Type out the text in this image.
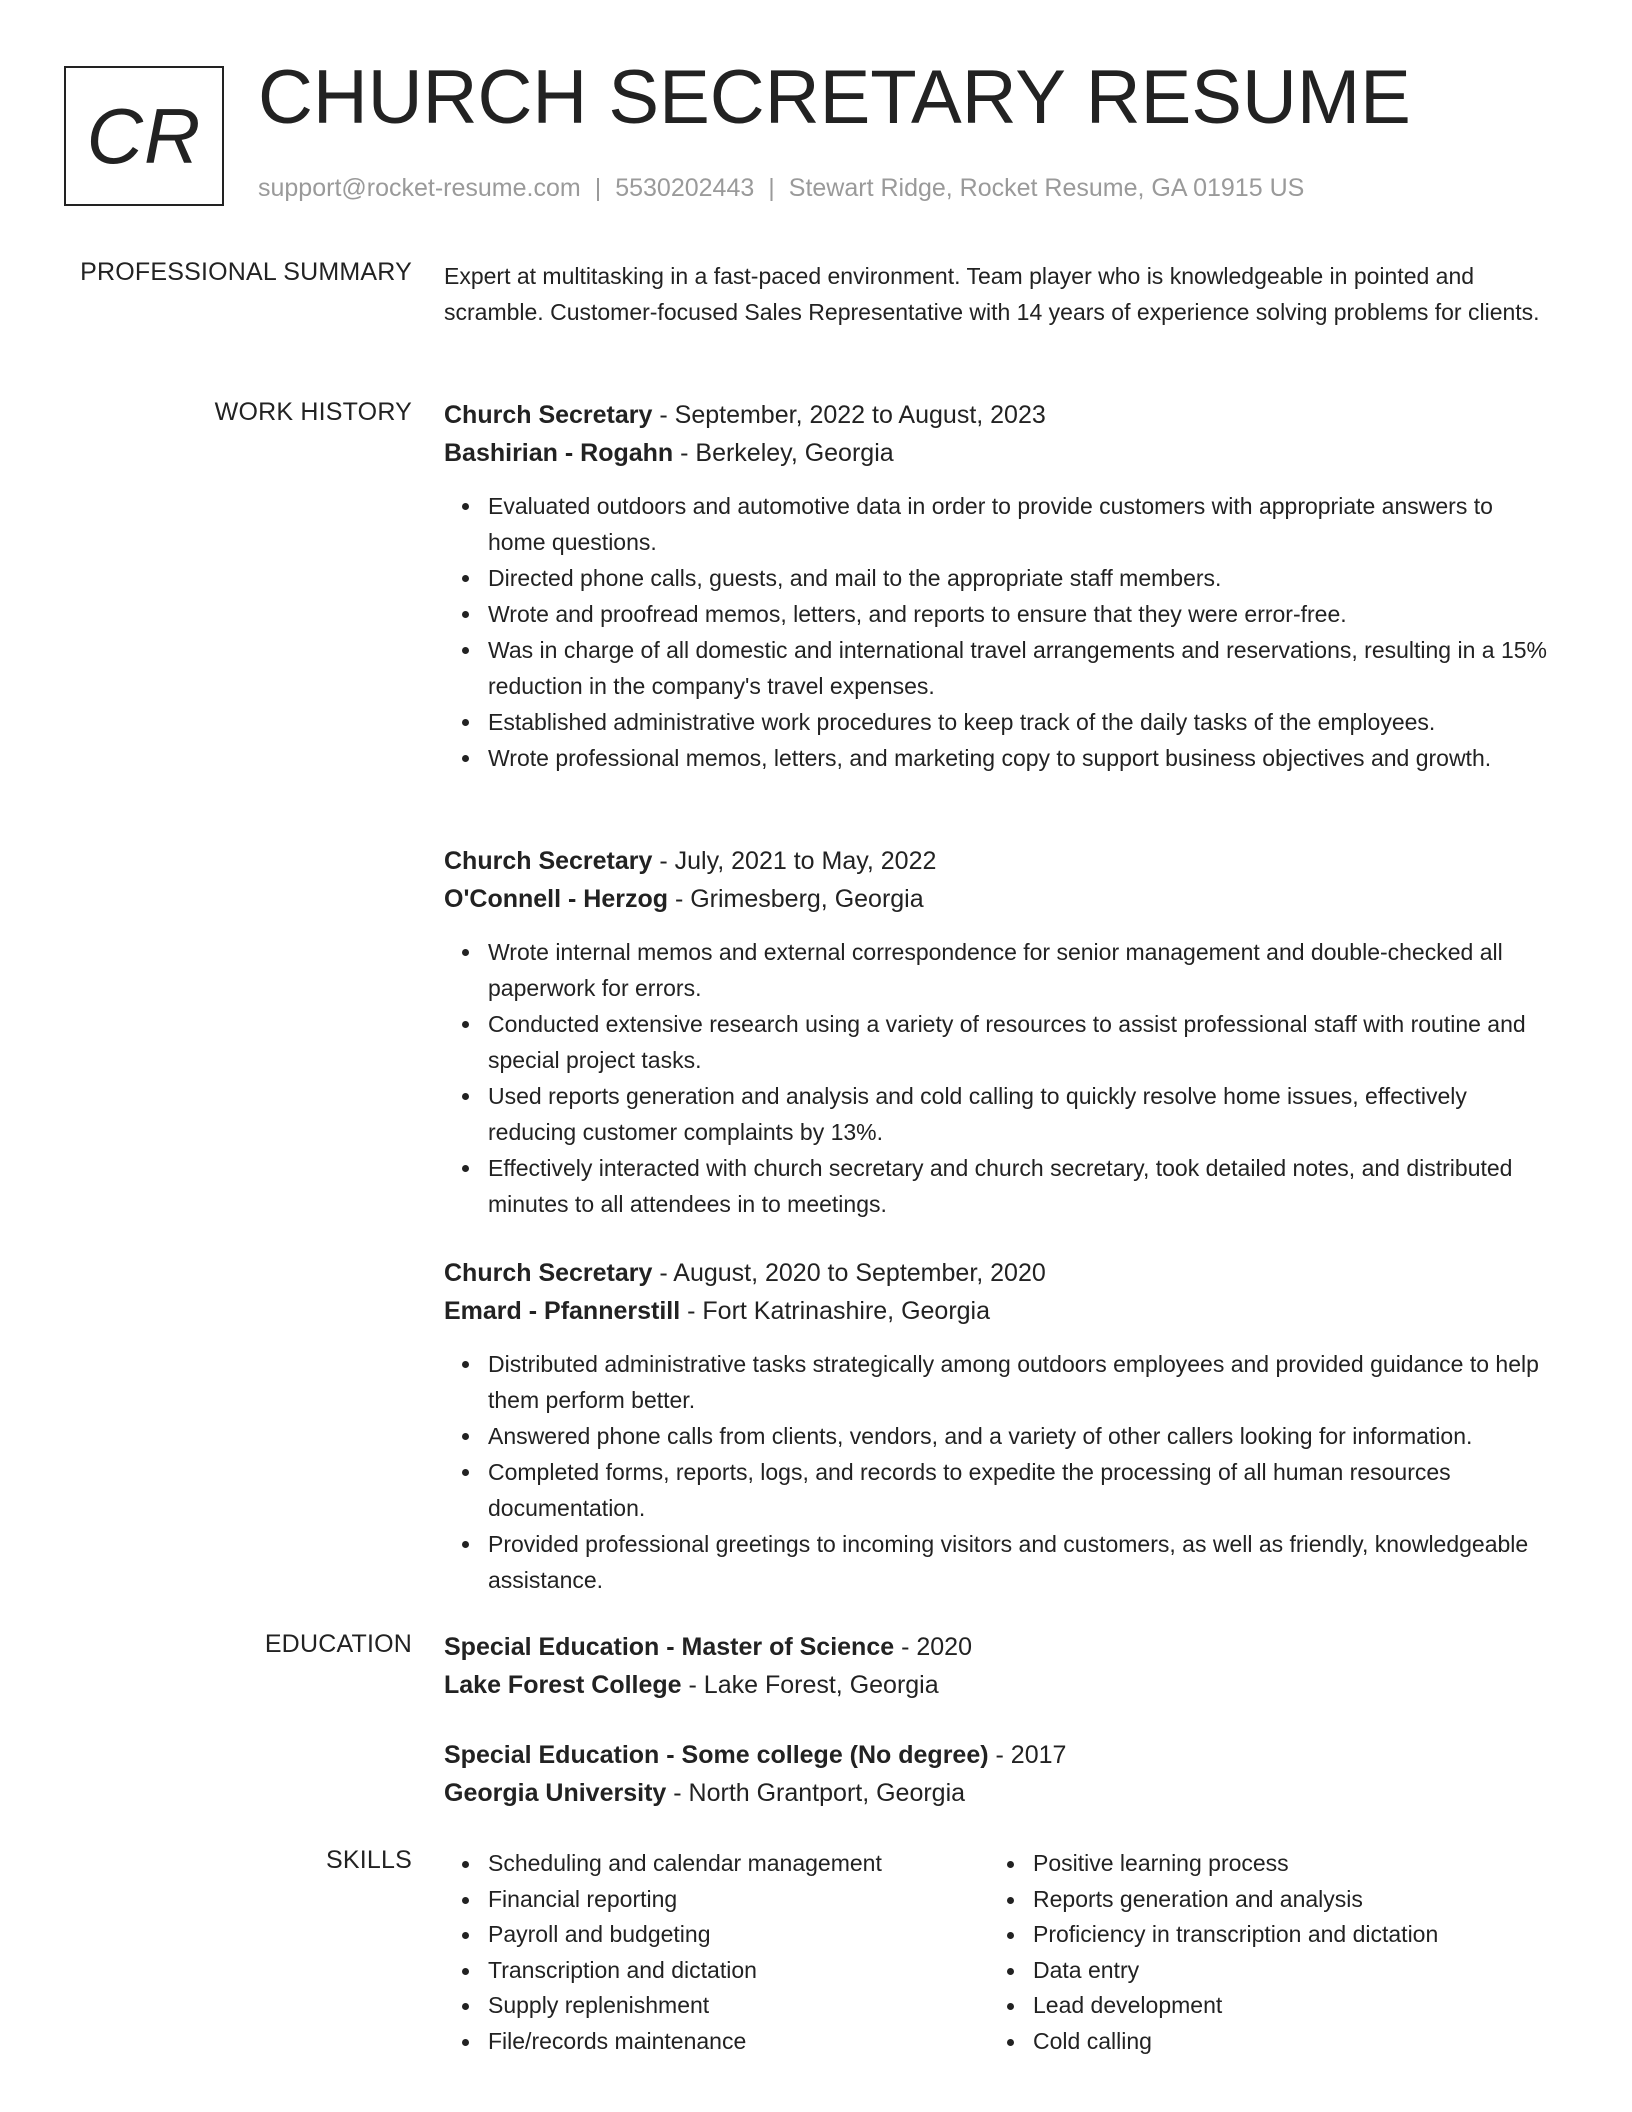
CR CHURCH SECRETARY RESUME
support@rocket-resume.com | 5530202443 | Stewart Ridge, Rocket Resume, GA 01915 US
PROFESSIONAL SUMMARY Expert at multitasking in a fast-paced environment. Team player who is knowledgeable in pointed and scramble. Customer-focused Sales Representative with 14 years of experience solving problems for clients.

WORK HISTORY Church Secretary - September, 2022 to August, 2023
Bashirian - Rogahn - Berkeley, Georgia
Evaluated outdoors and automotive data in order to provide customers with appropriate answers to home questions.
Directed phone calls, guests, and mail to the appropriate staff members.
Wrote and proofread memos, letters, and reports to ensure that they were error-free.
Was in charge of all domestic and international travel arrangements and reservations, resulting in a 15% reduction in the company's travel expenses.
Established administrative work procedures to keep track of the daily tasks of the employees.
Wrote professional memos, letters, and marketing copy to support business objectives and growth.
Church Secretary - July, 2021 to May, 2022
O'Connell - Herzog - Grimesberg, Georgia
Wrote internal memos and external correspondence for senior management and double-checked all paperwork for errors.
Conducted extensive research using a variety of resources to assist professional staff with routine and special project tasks.
Used reports generation and analysis and cold calling to quickly resolve home issues, effectively reducing customer complaints by 13%.
Effectively interacted with church secretary and church secretary, took detailed notes, and distributed minutes to all attendees in to meetings.
Church Secretary - August, 2020 to September, 2020
Emard - Pfannerstill - Fort Katrinashire, Georgia
Distributed administrative tasks strategically among outdoors employees and provided guidance to help them perform better.
Answered phone calls from clients, vendors, and a variety of other callers looking for information.
Completed forms, reports, logs, and records to expedite the processing of all human resources documentation.
Provided professional greetings to incoming visitors and customers, as well as friendly, knowledgeable assistance.
EDUCATION Special Education - Master of Science - 2020
Lake Forest College - Lake Forest, Georgia
Special Education - Some college (No degree) - 2017
Georgia University - North Grantport, Georgia
SKILLS	Scheduling and calendar management
Financial reporting
Payroll and budgeting
Transcription and dictation
Supply replenishment
File/records maintenance
Positive learning process
Reports generation and analysis
Proficiency in transcription and dictation
Data entry
Lead development
Cold calling
